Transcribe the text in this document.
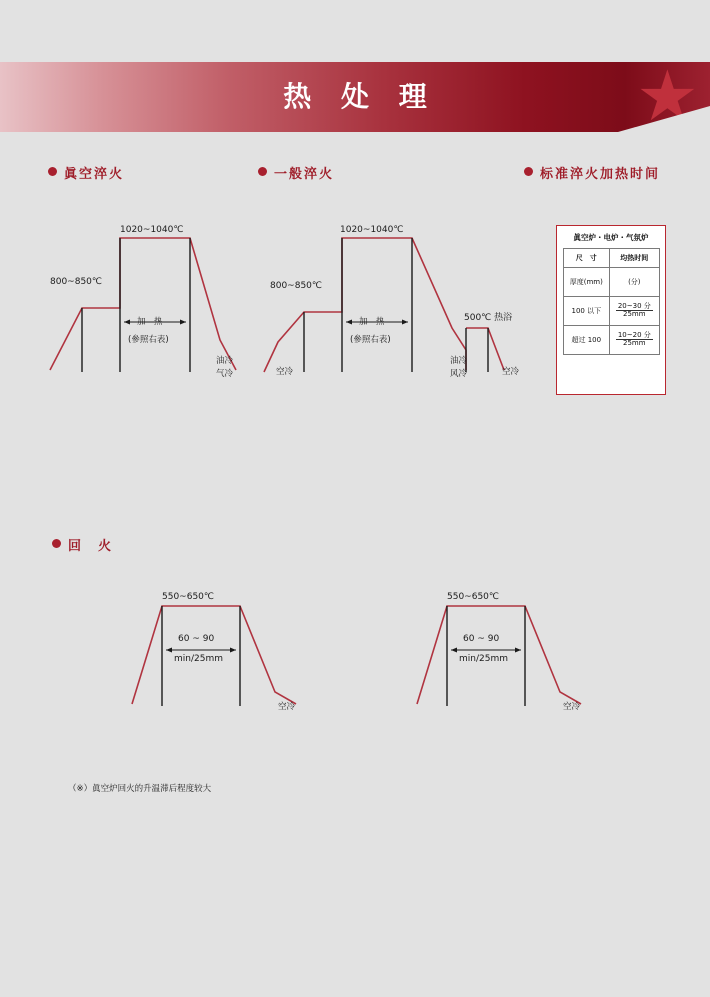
热 处 理	★
眞空淬火	一般淬火	标准淬火加热时间
回　火
1020~1040℃
800~850℃
加　热
(參照右表)
油冷
气冷
1020~1040℃
800~850℃
加　热
(參照右表)
500℃ 热浴
空冷
油冷
风冷	空冷
眞空炉・电炉・气氛炉
尺　寸	均热时间
厚度(mm)	(分)
100 以下	$\frac{\text{20\textasciitilde{}30 分}}{25mm}$

超过 100	$\frac{\text{10\textasciitilde{}20 分}}{25mm}$
550~650℃
60 ~ 90
min/25mm
空冷
550~650℃
60 ~ 90
min/25mm
空冷
（※）眞空炉回火的升温滞后程度较大
